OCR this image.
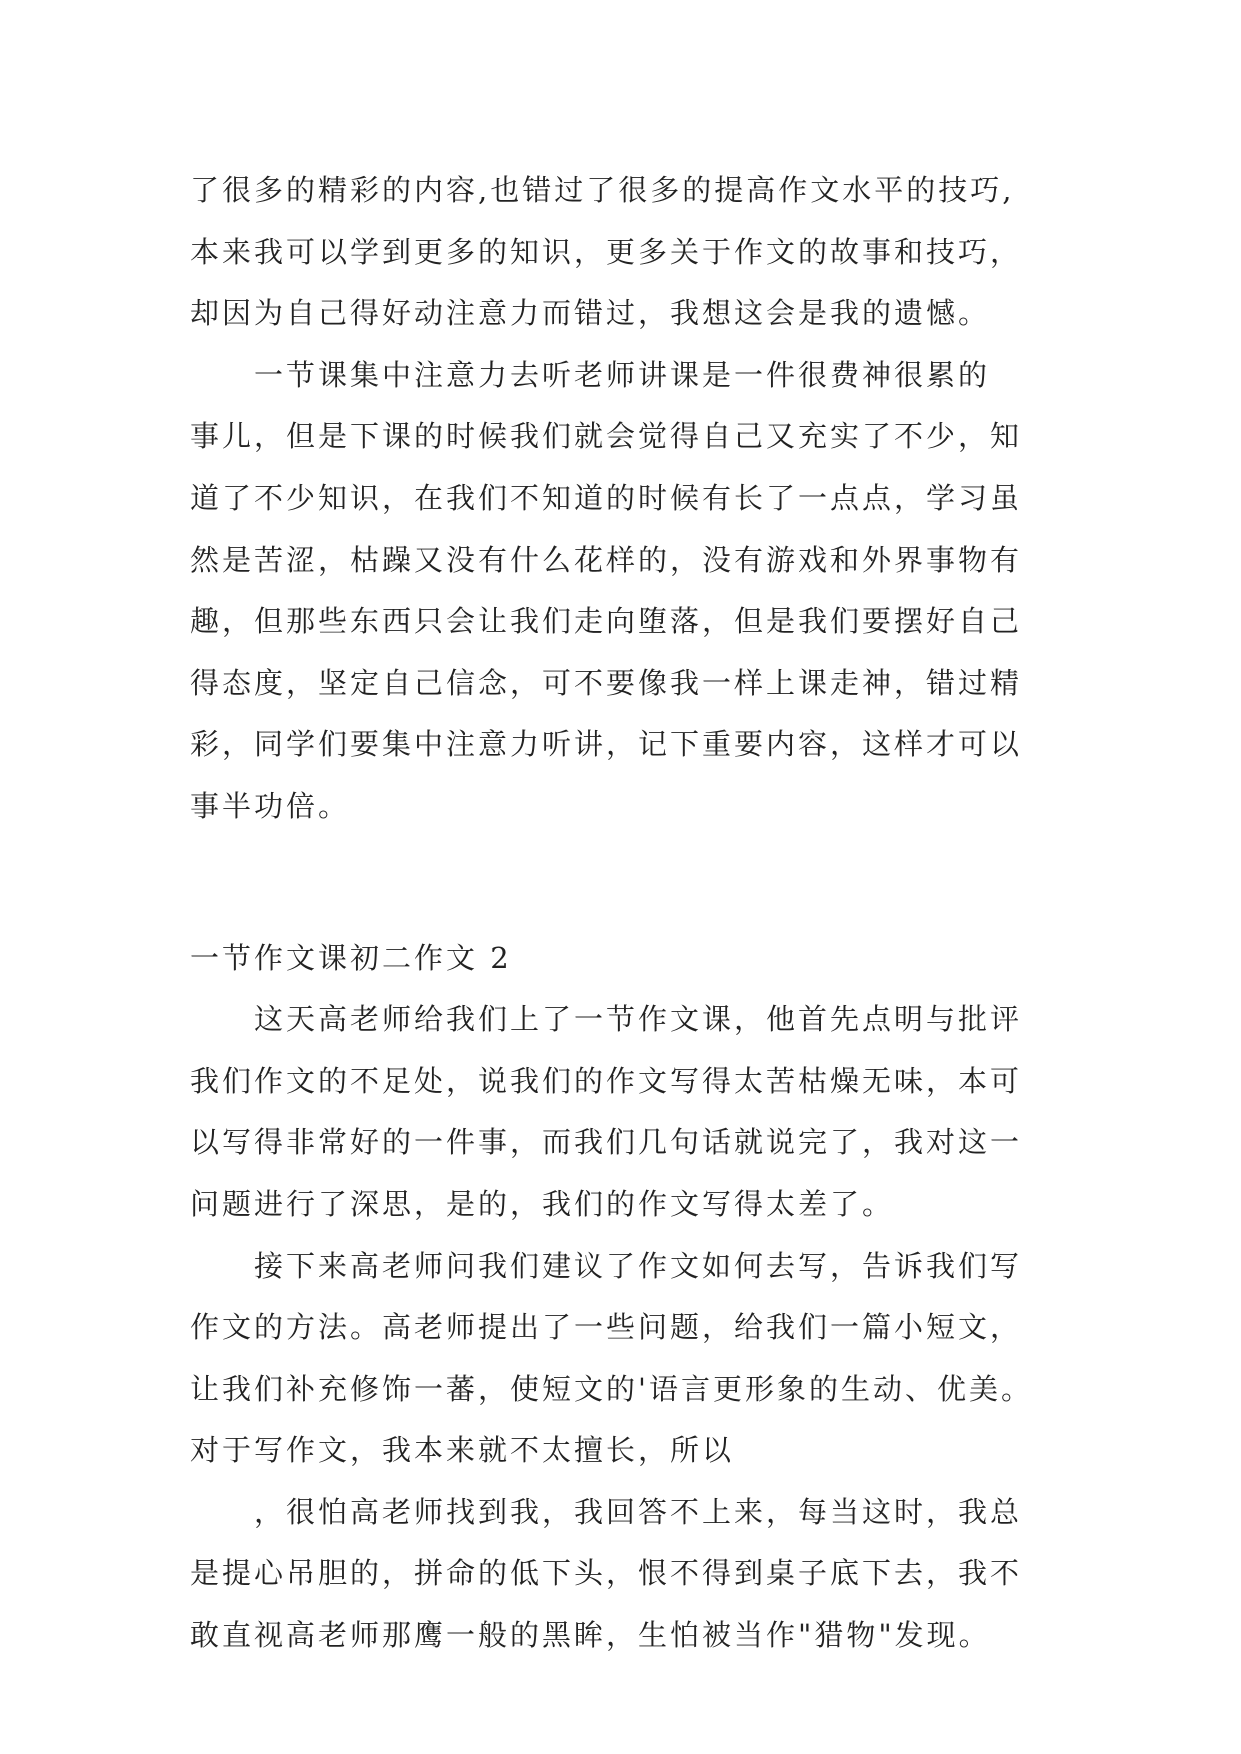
了很多的精彩的内容,也错过了很多的提高作文水平的技巧,
本来我可以学到更多的知识，更多关于作文的故事和技巧，
却因为自己得好动注意力而错过，我想这会是我的遗憾。
一节课集中注意力去听老师讲课是一件很费神很累的
事儿，但是下课的时候我们就会觉得自己又充实了不少，知
道了不少知识，在我们不知道的时候有长了一点点，学习虽
然是苦涩，枯躁又没有什么花样的，没有游戏和外界事物有
趣，但那些东西只会让我们走向堕落，但是我们要摆好自己
得态度，坚定自己信念，可不要像我一样上课走神，错过精
彩，同学们要集中注意力听讲，记下重要内容，这样才可以
事半功倍。
一节作文课初二作文 2
这天高老师给我们上了一节作文课，他首先点明与批评
我们作文的不足处，说我们的作文写得太苦枯燥无味，本可
以写得非常好的一件事，而我们几句话就说完了，我对这一
问题进行了深思，是的，我们的作文写得太差了。
接下来高老师问我们建议了作文如何去写，告诉我们写
作文的方法。高老师提出了一些问题，给我们一篇小短文，
让我们补充修饰一蕃，使短文的'语言更形象的生动、优美。
对于写作文，我本来就不太擅长，所以
，很怕高老师找到我，我回答不上来，每当这时，我总
是提心吊胆的，拼命的低下头，恨不得到桌子底下去，我不
敢直视高老师那鹰一般的黑眸，生怕被当作"猎物"发现。
